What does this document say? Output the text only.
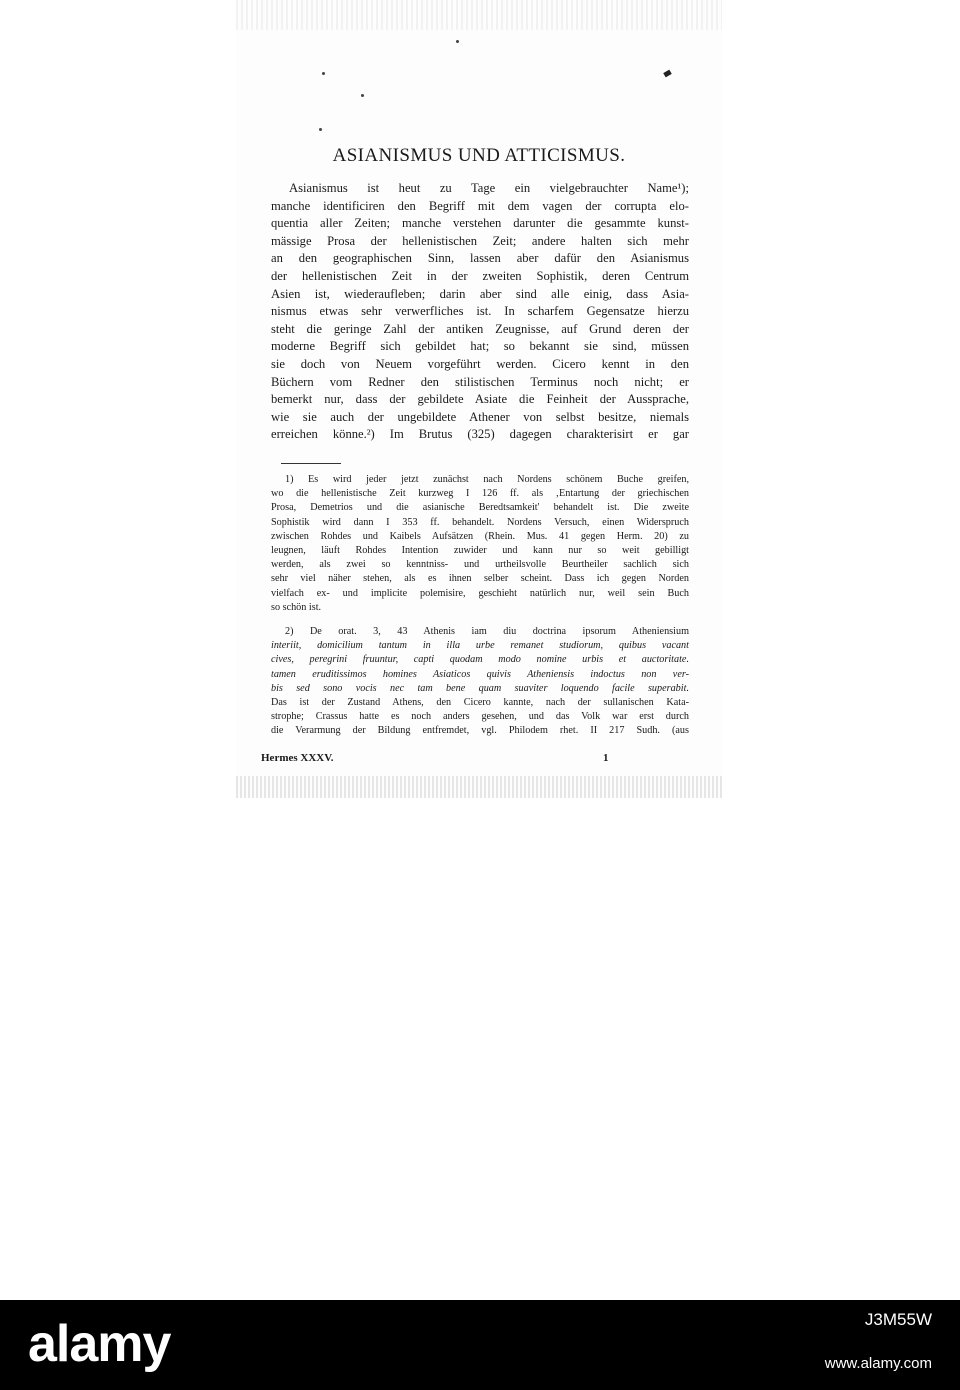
ASIANISMUS UND ATTICISMUS.
Asianismus ist heut zu Tage ein vielgebrauchter Name¹);
manche identificiren den Begriff mit dem vagen der corrupta elo-
quentia aller Zeiten; manche verstehen darunter die gesammte kunst-
mässige Prosa der hellenistischen Zeit; andere halten sich mehr
an den geographischen Sinn, lassen aber dafür den Asianismus
der hellenistischen Zeit in der zweiten Sophistik, deren Centrum
Asien ist, wiederaufleben; darin aber sind alle einig, dass Asia-
nismus etwas sehr verwerfliches ist. In scharfem Gegensatze hierzu
steht die geringe Zahl der antiken Zeugnisse, auf Grund deren der
moderne Begriff sich gebildet hat; so bekannt sie sind, müssen
sie doch von Neuem vorgeführt werden. Cicero kennt in den
Büchern vom Redner den stilistischen Terminus noch nicht; er
bemerkt nur, dass der gebildete Asiate die Feinheit der Aussprache,
wie sie auch der ungebildete Athener von selbst besitze, niemals
erreichen könne.²) Im Brutus (325) dagegen charakterisirt er gar
1) Es wird jeder jetzt zunächst nach Nordens schönem Buche greifen,
wo die hellenistische Zeit kurzweg I 126 ff. als ‚Entartung der griechischen
Prosa, Demetrios und die asianische Beredtsamkeit' behandelt ist. Die zweite
Sophistik wird dann I 353 ff. behandelt. Nordens Versuch, einen Widerspruch
zwischen Rohdes und Kaibels Aufsätzen (Rhein. Mus. 41 gegen Herm. 20) zu
leugnen, läuft Rohdes Intention zuwider und kann nur so weit gebilligt
werden, als zwei so kenntniss- und urtheilsvolle Beurtheiler sachlich sich
sehr viel näher stehen, als es ihnen selber scheint. Dass ich gegen Norden
vielfach ex- und implicite polemisire, geschieht natürlich nur, weil sein Buch
so schön ist.
2) De orat. 3, 43 Athenis iam diu doctrina ipsorum Atheniensium
interiit, domicilium tantum in illa urbe remanet studiorum, quibus vacant
cives, peregrini fruuntur, capti quodam modo nomine urbis et auctoritate.
tamen eruditissimos homines Asiaticos quivis Atheniensis indoctus non ver-
bis sed sono vocis nec tam bene quam suaviter loquendo facile superabit.
Das ist der Zustand Athens, den Cicero kannte, nach der sullanischen Kata-
strophe; Crassus hatte es noch anders gesehen, und das Volk war erst durch
die Verarmung der Bildung entfremdet, vgl. Philodem rhet. II 217 Sudh. (aus
Hermes XXXV.	1
alamy	J3M55W
www.alamy.com
